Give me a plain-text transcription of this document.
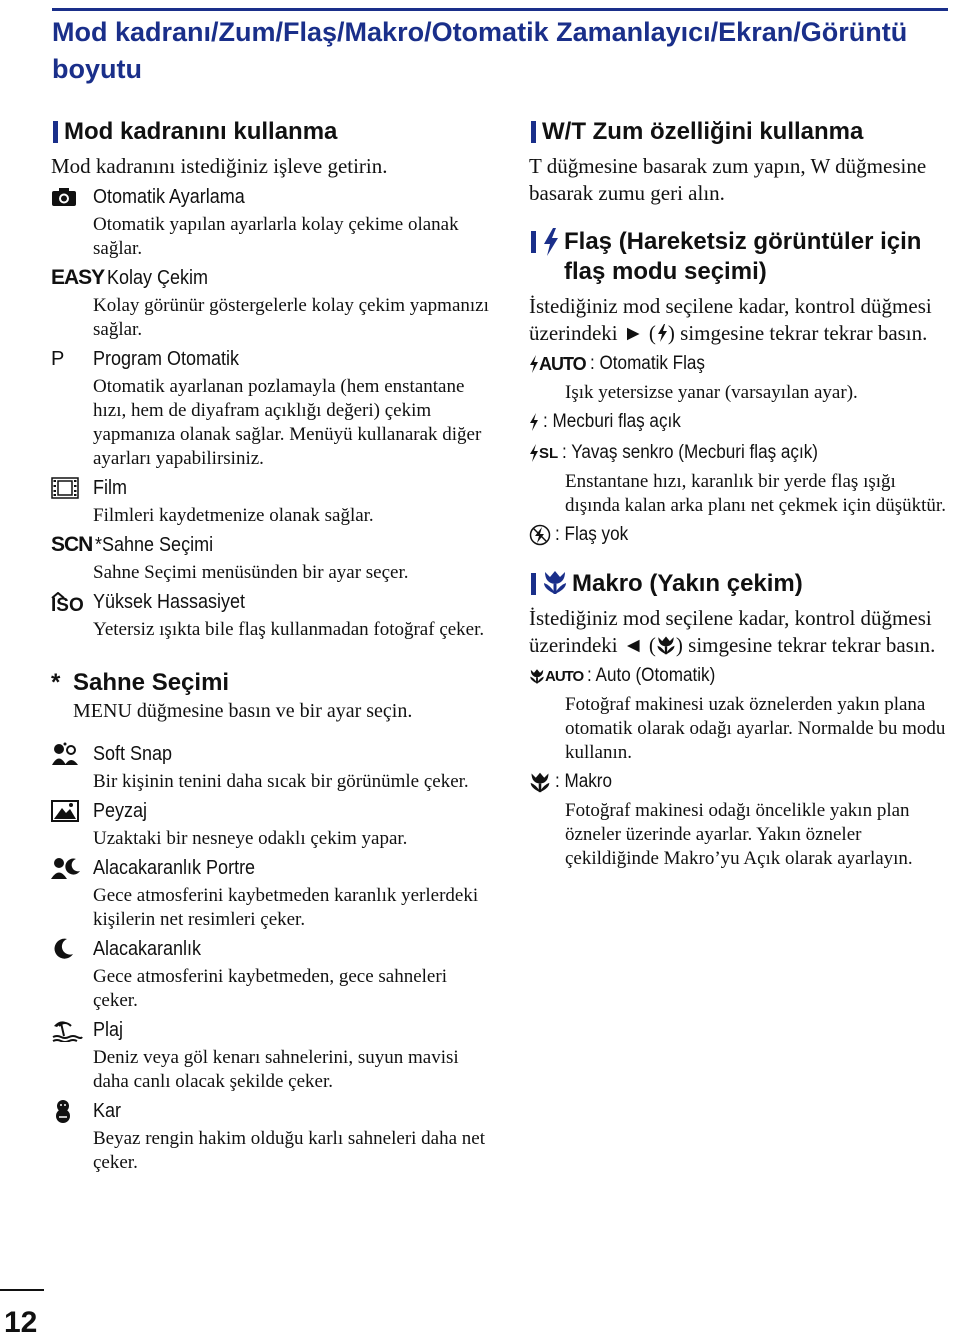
Mod kadranı/Zum/Flaş/Makro/Otomatik Zamanlayıcı/Ekran/Görüntü boyutu
Mod kadranını kullanma

Mod kadranını istediğiniz işleve getirin.

Otomatik Ayarlama

Otomatik yapılan ayarlarla kolay çekime olanak sağlar.

EASY Kolay Çekim

Kolay görünür göstergelerle kolay çekim yapmanızı sağlar.

P	Program Otomatik

Otomatik ayarlanan pozlamayla (hem enstantane hızı, hem de diyafram açıklığı değeri) çekim yapmanıza olanak sağlar. Menüyü kullanarak diğer ayarları yapabilirsiniz.

Film

Filmleri kaydetmenize olanak sağlar.

SCN *Sahne Seçimi

Sahne Seçimi menüsünden bir ayar seçer.

ISO Yüksek Hassasiyet

Yetersiz ışıkta bile flaş kullanmadan fotoğraf çeker.

* Sahne Seçimi

MENU düğmesine basın ve bir ayar seçin.

Soft Snap

Bir kişinin tenini daha sıcak bir görünümle çeker.

Peyzaj

Uzaktaki bir nesneye odaklı çekim yapar.

Alacakaranlık Portre

Gece atmosferini kaybetmeden karanlık yerlerdeki kişilerin net resimleri çeker.

Alacakaranlık

Gece atmosferini kaybetmeden, gece sahneleri çeker.

Plaj

Deniz veya göl kenarı sahnelerini, suyun mavisi daha canlı olacak şekilde çeker.

Kar

Beyaz rengin hakim olduğu karlı sahneleri daha net çeker.

W/T Zum özelliğini kullanma

T düğmesine basarak zum yapın, W düğmesine basarak zumu geri alın.

Flaş (Hareketsiz görüntüler için flaş modu seçimi)

İstediğiniz mod seçilene kadar, kontrol düğmesi üzerindeki ► ( ) simgesine tekrar tekrar basın.

AUTO : Otomatik Flaş

Işık yetersizse yanar (varsayılan ayar).

: Mecburi flaş açık
SL : Yavaş senkro (Mecburi flaş açık)

Enstantane hızı, karanlık bir yerde flaş ışığı dışında kalan arka planı net çekmek için düşüktür.

: Flaş yok
Makro (Yakın çekim)

İstediğiniz mod seçilene kadar, kontrol düğmesi üzerindeki ◄ ( ) simgesine tekrar tekrar basın.

AUTO : Auto (Otomatik)

Fotoğraf makinesi uzak öznelerden yakın plana otomatik olarak odağı ayarlar. Normalde bu modu kullanın.

: Makro

Fotoğraf makinesi odağı öncelikle yakın plan özneler üzerinde ayarlar. Yakın özneler çekildiğinde Makro’yu Açık olarak ayarlayın.

12
